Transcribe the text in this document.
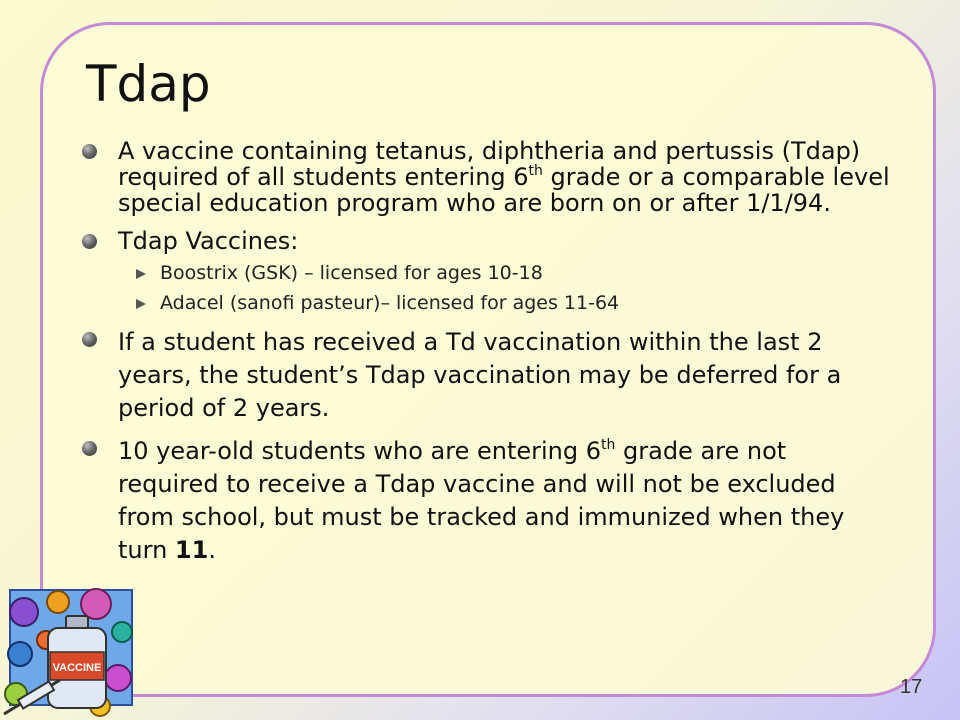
Tdap

A vaccine containing tetanus, diphtheria and pertussis (Tdap) required of all students entering 6th grade or a comparable level special education program who are born on or after 1/1/94.

Tdap Vaccines:

Boostrix (GSK) – licensed for ages 10-18
Adacel (sanofi pasteur)– licensed for ages 11-64

If a student has received a Td vaccination within the last 2 years, the student’s Tdap vaccination may be deferred for a period of 2 years.

10 year-old students who are entering 6th grade are not required to receive a Tdap vaccine and will not be excluded from school, but must be tracked and immunized when they turn 11.

VACCINE
17
